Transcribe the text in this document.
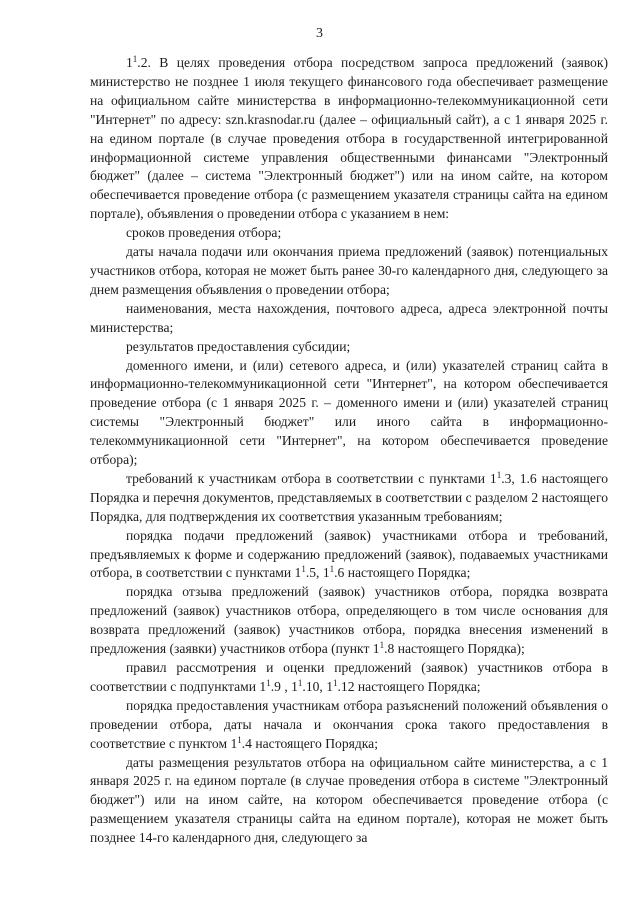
3

$1^1.2$. В целях проведения отбора посредством запроса предложений (заявок) министерство не позднее 1 июля текущего финансового года обеспечивает размещение на официальном сайте министерства в информационно-телекоммуникационной сети "Интернет" по адресу: szn.krasnodar.ru (далее – официальный сайт), а с 1 января 2025 г. на едином портале (в случае проведения отбора в государственной интегрированной информационной системе управления общественными финансами "Электронный бюджет" (далее – система "Электронный бюджет") или на ином сайте, на котором обеспечивается проведение отбора (с размещением указателя страницы сайта на едином портале), объявления о проведении отбора с указанием в нем:

сроков проведения отбора;

даты начала подачи или окончания приема предложений (заявок) потенциальных участников отбора, которая не может быть ранее 30-го календарного дня, следующего за днем размещения объявления о проведении отбора;

наименования, места нахождения, почтового адреса, адреса электронной почты министерства;

результатов предоставления субсидии;

доменного имени, и (или) сетевого адреса, и (или) указателей страниц сайта в информационно-телекоммуникационной сети "Интернет", на котором обеспечивается проведение отбора (с 1 января 2025 г. – доменного имени и (или) указателей страниц системы "Электронный бюджет" или иного сайта в информационно-телекоммуникационной сети "Интернет", на котором обеспечивается проведение отбора);

требований к участникам отбора в соответствии с пунктами $1^1.3$, 1.6 настоящего Порядка и перечня документов, представляемых в соответствии с разделом 2 настоящего Порядка, для подтверждения их соответствия указанным требованиям;

порядка подачи предложений (заявок) участниками отбора и требований, предъявляемых к форме и содержанию предложений (заявок), подаваемых участниками отбора, в соответствии с пунктами $1^1.5$, $1^1.6$ настоящего Порядка;

порядка отзыва предложений (заявок) участников отбора, порядка возврата предложений (заявок) участников отбора, определяющего в том числе основания для возврата предложений (заявок) участников отбора, порядка внесения изменений в предложения (заявки) участников отбора (пункт $1^1.8$ настоящего Порядка);

правил рассмотрения и оценки предложений (заявок) участников отбора в соответствии с подпунктами $1^1.9$ , $1^1.10$, $1^1.12$ настоящего Порядка;

порядка предоставления участникам отбора разъяснений положений объявления о проведении отбора, даты начала и окончания срока такого предоставления в соответствие с пунктом $1^1.4$ настоящего Порядка;

даты размещения результатов отбора на официальном сайте министерства, а с 1 января 2025 г. на едином портале (в случае проведения отбора в системе "Электронный бюджет") или на ином сайте, на котором обеспечивается проведение отбора (с размещением указателя страницы сайта на едином портале), которая не может быть позднее 14-го календарного дня, следующего за
